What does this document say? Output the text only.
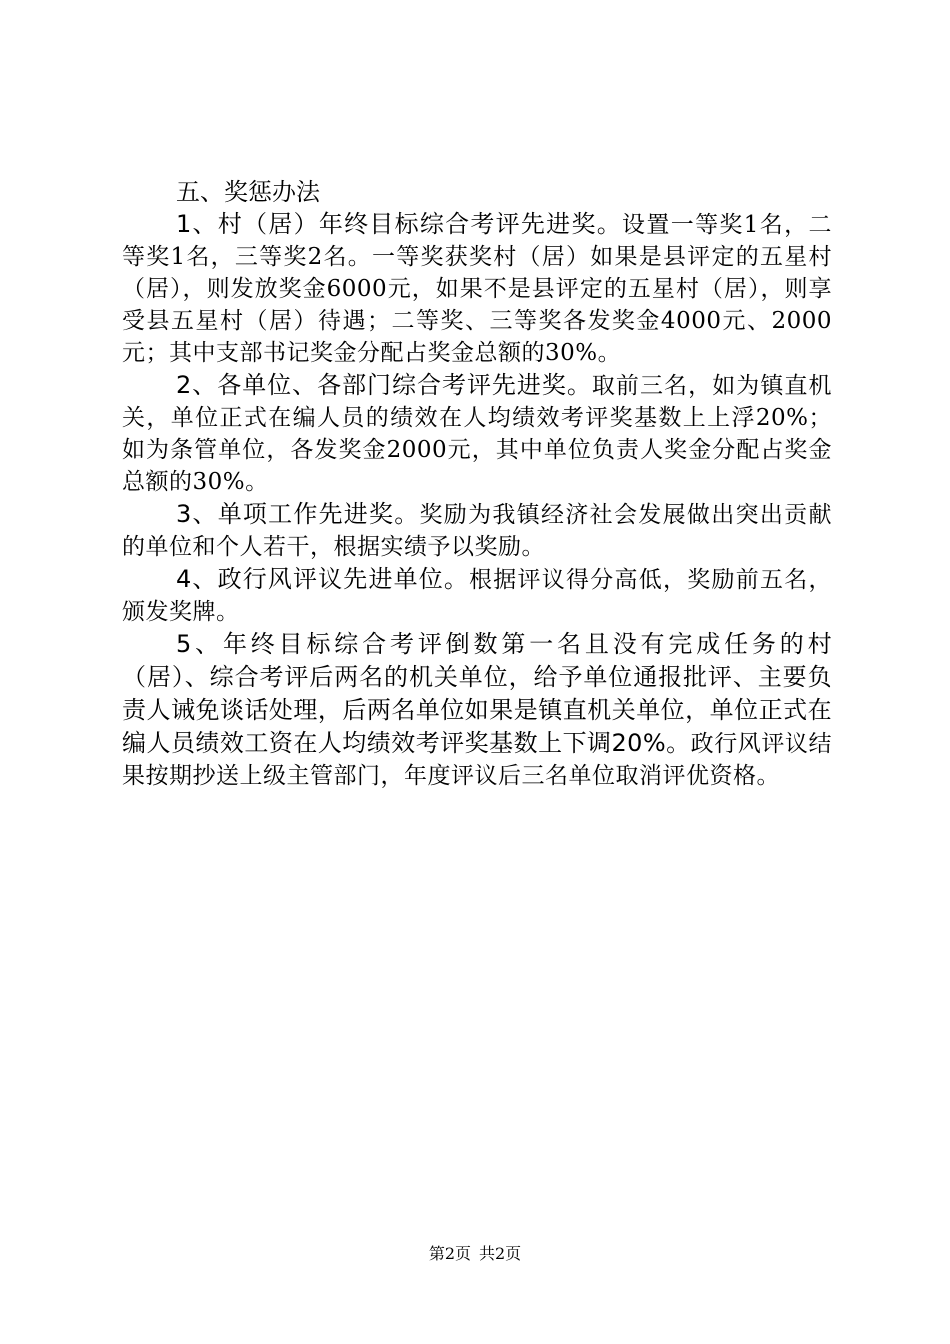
五、奖惩办法

1、村（居）年终目标综合考评先进奖。设置一等奖1名，二等奖1名，三等奖2名。一等奖获奖村（居）如果是县评定的五星村（居），则发放奖金6000元，如果不是县评定的五星村（居），则享受县五星村（居）待遇；二等奖、三等奖各发奖金4000元、2000元；其中支部书记奖金分配占奖金总额的30%。

2、各单位、各部门综合考评先进奖。取前三名，如为镇直机关，单位正式在编人员的绩效在人均绩效考评奖基数上上浮20%；如为条管单位，各发奖金2000元，其中单位负责人奖金分配占奖金总额的30%。

3、单项工作先进奖。奖励为我镇经济社会发展做出突出贡献的单位和个人若干，根据实绩予以奖励。

4、政行风评议先进单位。根据评议得分高低，奖励前五名，颁发奖牌。

5、年终目标综合考评倒数第一名且没有完成任务的村（居）、综合考评后两名的机关单位，给予单位通报批评、主要负责人诫免谈话处理，后两名单位如果是镇直机关单位，单位正式在编人员绩效工资在人均绩效考评奖基数上下调20%。政行风评议结果按期抄送上级主管部门，年度评议后三名单位取消评优资格。

第2页 共2页
